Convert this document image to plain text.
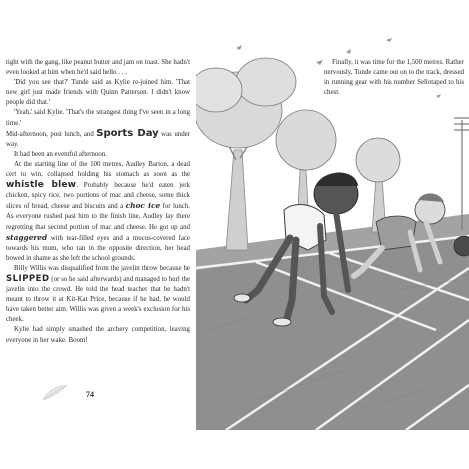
tight with the gang, like peanut butter and jam on toast. She hadn't even looked at him when he'd said hello . . .

'Did you see that?' Tunde said as Kylie re-joined him. 'That new girl just made friends with Quinn Patterson. I didn't know people did that.'

'Yeah,' said Kylie. 'That's the strangest thing I've seen in a long time.'

Mid-afternoon, post lunch, and Sports Day was under way.

It had been an eventful afternoon.

At the starting line of the 100 metres, Audley Barton, a dead cert to win, collapsed holding his stomach as soon as the whistle blew. Probably because he'd eaten jerk chicken, spicy rice, two portions of mac and cheese, some thick slices of bread, cheese and biscuits and a choc ice for lunch. As everyone rushed past him to the finish line, Audley lay there regretting that second portion of mac and cheese. He got up and staggered with tear-filled eyes and a mucus-covered face towards his mum, who ran in the opposite direction, her head bowed in shame as she left the school grounds.

Billy Willis was disqualified from the javelin throw because he SLIPPED (or so he said afterwards) and managed to hurl the javelin into the crowd. He told the head teacher that he hadn't meant to throw it at Kit-Kat Price, because if he had, he would have taken better aim. Willis was given a week's exclusion for his cheek.

Kylie had simply smashed the archery competition, leaving everyone in her wake. Boom!

74

Finally, it was time for the 1,500 metres. Rather nervously, Tunde came out on to the track, dressed in running gear with his number Sellotaped to his chest.
